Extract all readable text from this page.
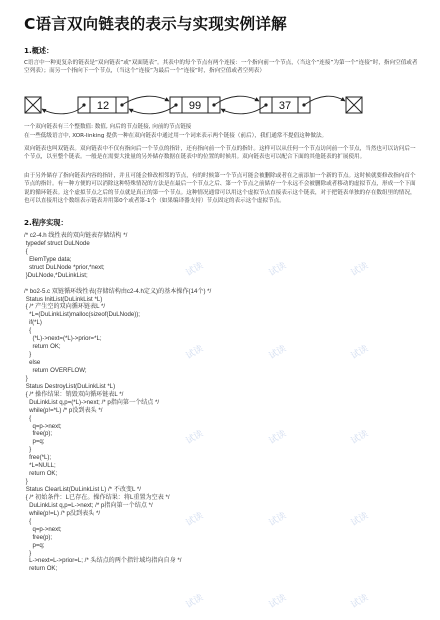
C语言双向链表的表示与实现实例详解
1.概述：
C语言中一种更复杂的链表是“双向链表”或“双面链表”。其表中的每个节点有两个连接：一个指向前一个节点，（当这个“连接”为第一个“连接”时，指向空值或者空列表）；而另一个指向下一个节点，（当这个“连接”为最后一个“连接”时，指向空值或者空列表）
12	99	37
一个双向链表有三个整数值: 数值, 向后的节点链接, 向前的节点链接
在一些低级语言中, XOR-linking 提供一种在双向链表中通过用一个词来表示两个链接（前后），我们通常不提倡这种做法。
双向链表也叫双链表。双向链表中不仅有指向后一个节点的指针，还有指向前一个节点的指针。这样可以从任何一个节点访问前一个节点，当然也可以访问后一个节点，以至整个链表。一般是在需要大批量的另外储存数据在链表中的位置的时候用。双向链表也可以配合下面的其他链表的扩展使用。
由于另外储存了指向链表内容的指针，并且可能会修改相邻的节点，有的时候第一个节点可能会被删除或者在之前添加一个新的节点。这时候就要修改指向首个节点的指针。有一种方便的可以消除这种特殊情况的方法是在最后一个节点之后、第一个节点之前储存一个永远不会被删除或者移动的虚拟节点，形成一个下面说的循环链表。这个虚拟节点之后的节点就是真正的第一个节点。这种情况通常可以用这个虚拟节点直接表示这个链表，对于把链表单独的存在数组里的情况，也可以直接用这个数组表示链表并用第0个或者第-1个（如果编译器支持）节点固定的表示这个虚拟节点。
2.程序实现：
/* c2-4.h 线性表的双向链表存储结构 */
typedef struct DuLNode
{
ElemType data;
struct DuLNode *prior,*next;
}DuLNode,*DuLinkList;
/* bo2-5.c 双链循环线性表(存储结构由c2-4.h定义)的基本操作(14个) */
Status InitList(DuLinkList *L)
{ /* 产生空的双向循环链表L */
*L=(DuLinkList)malloc(sizeof(DuLNode));
if(*L)
{
(*L)->next=(*L)->prior=*L;
return OK;
}
else
return OVERFLOW;
}
Status DestroyList(DuLinkList *L)
{ /* 操作结果：销毁双向循环链表L */
DuLinkList q,p=(*L)->next; /* p指向第一个结点 */
while(p!=*L) /* p没到表头 */
{
q=p->next;
free(p);
p=q;
}
free(*L);
*L=NULL;
return OK;
}
Status ClearList(DuLinkList L) /* 不改变L */
{ /* 初始条件：L已存在。操作结果：将L重置为空表 */
DuLinkList q,p=L->next; /* p指向第一个结点 */
while(p!=L) /* p没到表头 */
{
q=p->next;
free(p);
p=q;
}
L->next=L->prior=L; /* 头结点的两个指针域均指向自身 */
return OK;
试读	试读	试读
试读	试读	试读
试读	试读	试读
试读	试读	试读
试读	试读	试读
